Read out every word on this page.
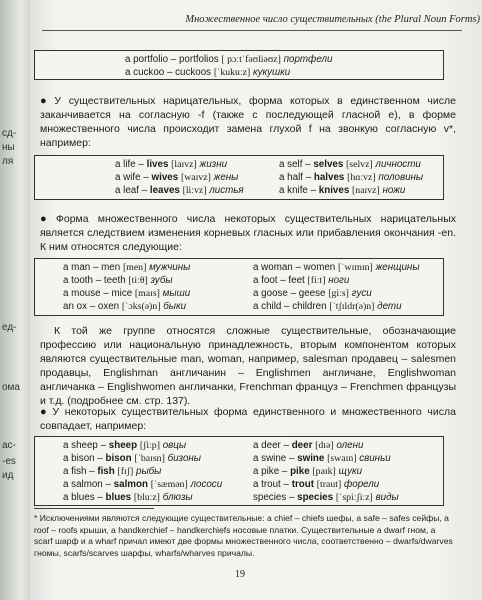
сд-
ны
ля
ед-
ома
ас-
-es
ид
Множественное число существительных (the Plural Noun Forms)
a portfolio – portfolios [ pɔːtˈfəʊliəʊz] портфели
a cuckoo – cuckoos [ˈkukuːz] кукушки
● У существительных нарицательных, форма которых в единственном числе заканчивается на согласную -f (также с последующей гласной e), в форме множественного числа происходит замена глухой f на звонкую согласную v*, например:
a life – lives [laɪvz] жизни
a wife – wives [waɪvz] жены
a leaf – leaves [liːvz] листья
a self – selves [selvz] личности
a half – halves [hɑːvz] половины
a knife – knives [naɪvz] ножи
● Форма множественного числа некоторых существительных нарицательных является следствием изменения корневых гласных или прибавления окончания -en. К ним относятся следующие:
a man – men [men] мужчины
a tooth – teeth [tiːθ] зубы
a mouse – mice [maɪs] мыши
an ox – oxen [ˈɔks(ə)n] быки
a woman – women [ˈwɪmɪn] женщины
a foot – feet [fiːt] ноги
a goose – geese [giːs] гуси
a child – children [ˈtʃɪldr(ə)n] дети
К той же группе относятся сложные существительные, обозначающие профессию или национальную принадлежность, вторым компонентом которых являются существительные man, woman, например, salesman продавец – salesmen продавцы, Englishman англичанин – Englishmen англичане, Englishwoman англичанка – Englishwomen англичанки, Frenchman француз – Frenchmen французы и т.д. (подробнее см. стр. 137).
● У некоторых существительных форма единственного и множественного числа совпадает, например:
a sheep – sheep [ʃiːp] овцы
a bison – bison [ˈbaɪsn] бизоны
a fish – fish [fɪʃ] рыбы
a salmon – salmon [ˈsæmən] лососи
a blues – blues [bluːz] блюзы
a deer – deer [dɪə] олени
a swine – swine [swaɪn] свиньи
a pike – pike [paɪk] щуки
a trout – trout [traut] форели
species – species [ˈspiːʃiːz] виды
* Исключениями являются следующие существительные: a chief – chiefs шефы, a safe – safes сейфы, a roof – roofs крыши, a handkerchief – handkerchiefs носовые платки. Существительные a dwarf гном, a scarf шарф и a wharf причал имеют две формы множественного числа, соответственно – dwarfs/dwarves гномы, scarfs/scarves шарфы, wharfs/wharves причалы.
19
